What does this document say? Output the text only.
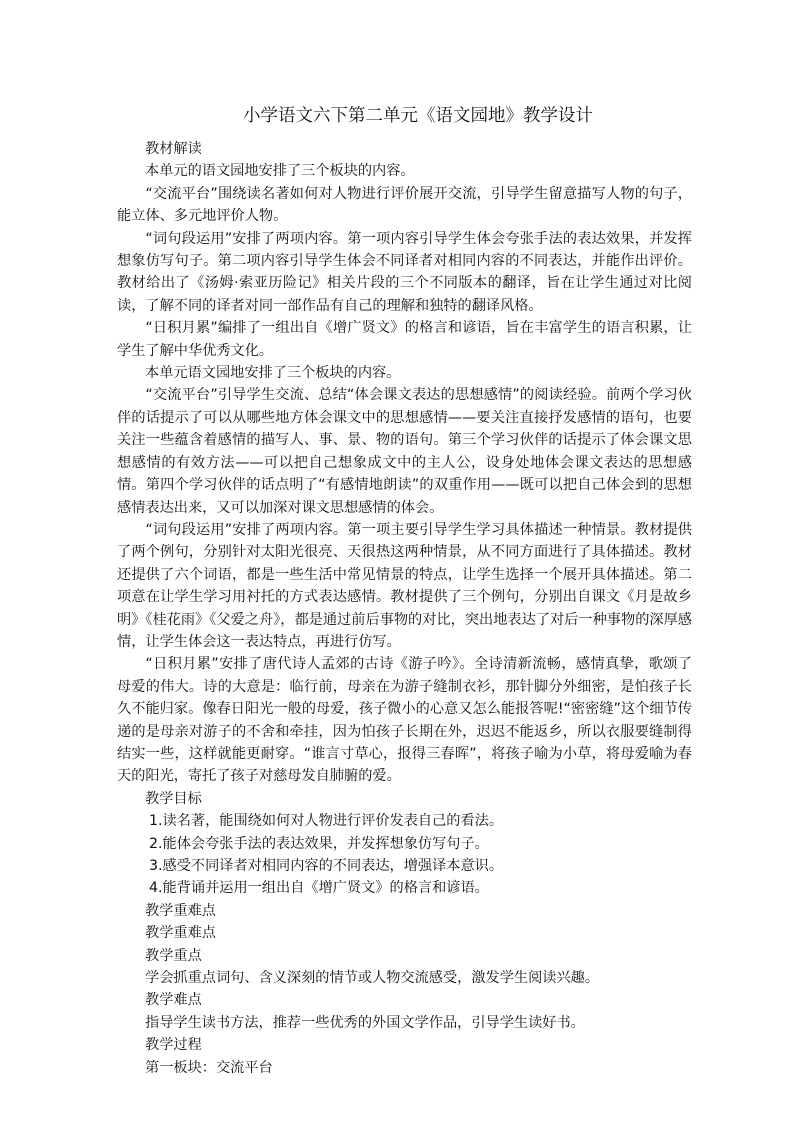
小学语文六下第二单元《语文园地》教学设计

教材解读

本单元的语文园地安排了三个板块的内容。

“交流平台”围绕读名著如何对人物进行评价展开交流，引导学生留意描写人物的句子，能立体、多元地评价人物。

“词句段运用”安排了两项内容。第一项内容引导学生体会夸张手法的表达效果，并发挥想象仿写句子。第二项内容引导学生体会不同译者对相同内容的不同表达，并能作出评价。教材给出了《汤姆·索亚历险记》相关片段的三个不同版本的翻译，旨在让学生通过对比阅读，了解不同的译者对同一部作品有自己的理解和独特的翻译风格。

“日积月累”编排了一组出自《增广贤文》的格言和谚语，旨在丰富学生的语言积累，让学生了解中华优秀文化。

本单元语文园地安排了三个板块的内容。

“交流平台”引导学生交流、总结“体会课文表达的思想感情”的阅读经验。前两个学习伙伴的话提示了可以从哪些地方体会课文中的思想感情——要关注直接抒发感情的语句，也要关注一些蕴含着感情的描写人、事、景、物的语句。第三个学习伙伴的话提示了体会课文思想感情的有效方法——可以把自己想象成文中的主人公，设身处地体会课文表达的思想感情。第四个学习伙伴的话点明了“有感情地朗读”的双重作用——既可以把自己体会到的思想感情表达出来，又可以加深对课文思想感情的体会。

“词句段运用”安排了两项内容。第一项主要引导学生学习具体描述一种情景。教材提供了两个例句，分别针对太阳光很亮、天很热这两种情景，从不同方面进行了具体描述。教材还提供了六个词语，都是一些生活中常见情景的特点，让学生选择一个展开具体描述。第二项意在让学生学习用衬托的方式表达感情。教材提供了三个例句，分别出自课文《月是故乡明》《桂花雨》《父爱之舟》，都是通过前后事物的对比，突出地表达了对后一种事物的深厚感情，让学生体会这一表达特点，再进行仿写。

“日积月累”安排了唐代诗人孟郊的古诗《游子吟》。全诗清新流畅，感情真挚，歌颂了母爱的伟大。诗的大意是：临行前，母亲在为游子缝制衣衫，那针脚分外细密，是怕孩子长久不能归家。像春日阳光一般的母爱，孩子微小的心意又怎么能报答呢!“密密缝”这个细节传递的是母亲对游子的不舍和牵挂，因为怕孩子长期在外，迟迟不能返乡，所以衣服要缝制得结实一些，这样就能更耐穿。“谁言寸草心，报得三春晖”，将孩子喻为小草，将母爱喻为春天的阳光，寄托了孩子对慈母发自肺腑的爱。

教学目标

1.读名著，能围绕如何对人物进行评价发表自己的看法。

2.能体会夸张手法的表达效果，并发挥想象仿写句子。

3.感受不同译者对相同内容的不同表达，增强译本意识。

4.能背诵并运用一组出自《增广贤文》的格言和谚语。

教学重难点

教学重难点

教学重点

学会抓重点词句、含义深刻的情节或人物交流感受，激发学生阅读兴趣。

教学难点

指导学生读书方法，推荐一些优秀的外国文学作品，引导学生读好书。

教学过程

第一板块：交流平台
